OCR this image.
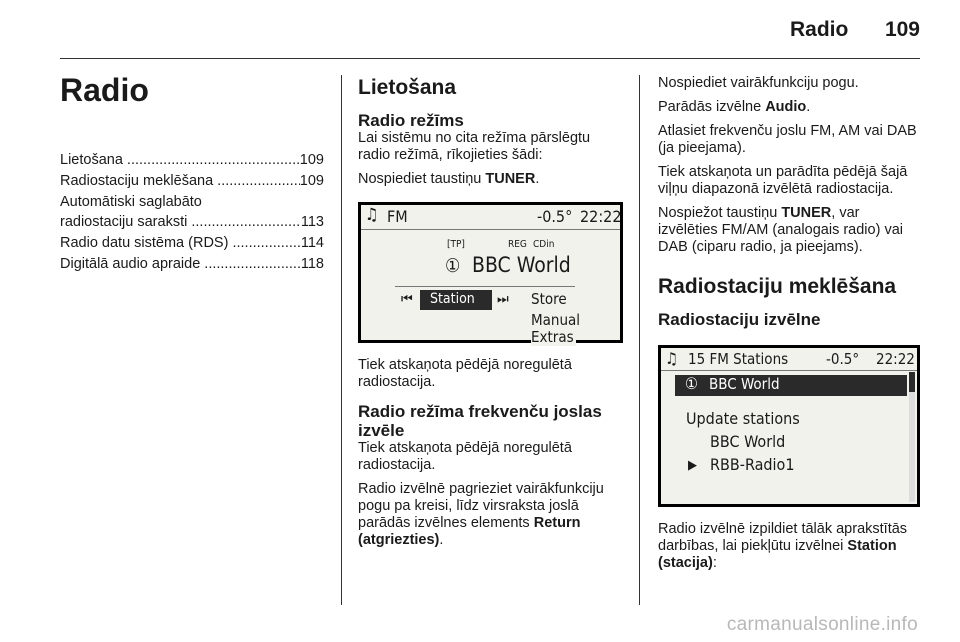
Radio 109
Radio
Lietošana .....	109
Radiostaciju meklēšana .....	109
Automātiski saglabāto
radiostaciju saraksti .....	113
Radio datu sistēma (RDS) .....	114
Digitālā audio apraide .....	118
Lietošana
Radio režīms

Lai sistēmu no cita režīma pārslēgtu radio režīmā, rīkojieties šādi:

Nospiediet taustiņu TUNER.

♫ FM	-0.5° 22:22
[TP]	REG CDin
① BBC World
⏮ Station ⏭ Store
Manual
Extras

Tiek atskaņota pēdējā noregulētā radiostacija.

Radio režīma frekvenču joslas izvēle

Tiek atskaņota pēdējā noregulētā radiostacija.

Radio izvēlnē pagrieziet vairākfunkciju pogu pa kreisi, līdz virsraksta joslā parādās izvēlnes elements Return (atgriezties).

Nospiediet vairākfunkciju pogu.

Parādās izvēlne Audio.

Atlasiet frekvenču joslu FM, AM vai DAB (ja pieejama).

Tiek atskaņota un parādīta pēdējā šajā viļņu diapazonā izvēlētā radiostacija.

Nospiežot taustiņu TUNER, var izvēlēties FM/AM (analogais radio) vai DAB (ciparu radio, ja pieejams).

Radiostaciju meklēšana
Radiostaciju izvēlne
♫ 15 FM Stations	-0.5° 22:22
① BBC World
Update stations
BBC World
▶ RBB-Radio1

Radio izvēlnē izpildiet tālāk aprakstītās darbības, lai piekļūtu izvēlnei Station (stacija):

carmanualsonline.info
